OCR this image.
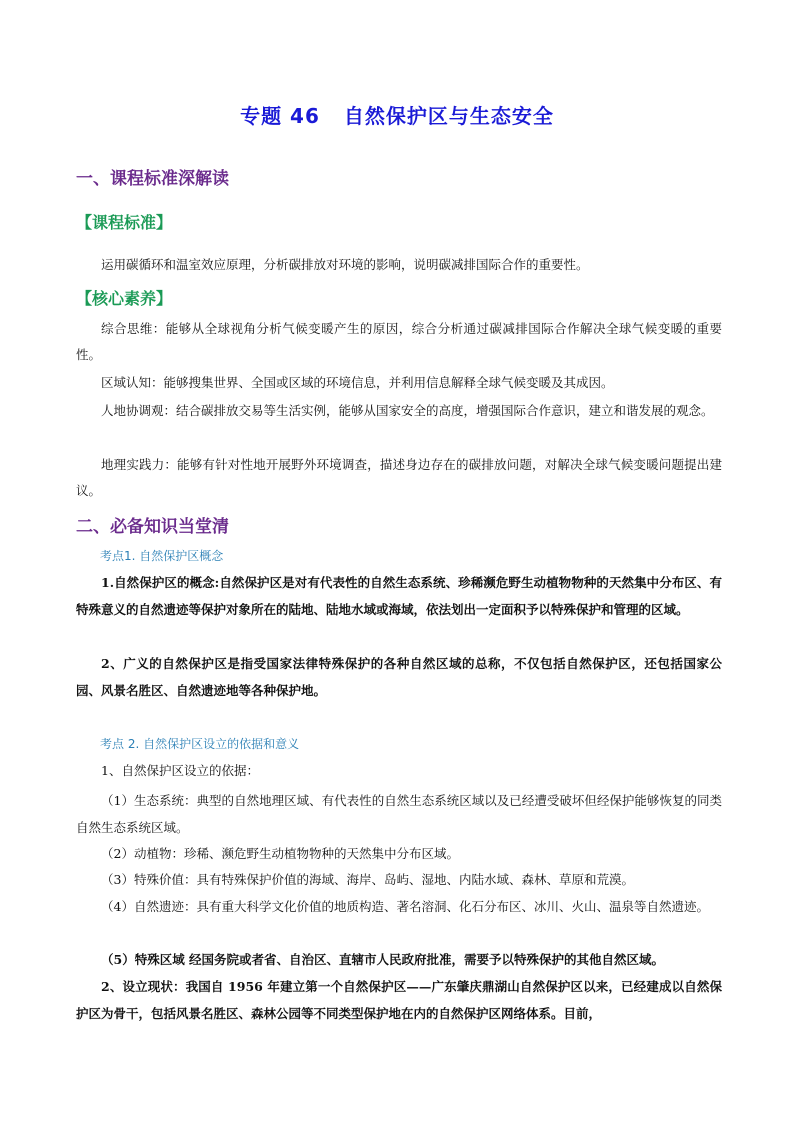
专题 46 自然保护区与生态安全
一、课程标准深解读
【课程标准】
运用碳循环和温室效应原理，分析碳排放对环境的影响，说明碳减排国际合作的重要性。
【核心素养】
综合思维：能够从全球视角分析气候变暖产生的原因，综合分析通过碳减排国际合作解决全球气候变暖的重要性。
区域认知：能够搜集世界、全国或区域的环境信息，并利用信息解释全球气候变暖及其成因。
人地协调观：结合碳排放交易等生活实例，能够从国家安全的高度，增强国际合作意识，建立和谐发展的观念。
地理实践力：能够有针对性地开展野外环境调查，描述身边存在的碳排放问题，对解决全球气候变暖问题提出建议。
二、必备知识当堂清
考点1. 自然保护区概念
1.自然保护区的概念:自然保护区是对有代表性的自然生态系统、珍稀濒危野生动植物物种的天然集中分布区、有特殊意义的自然遗迹等保护对象所在的陆地、陆地水域或海域，依法划出一定面积予以特殊保护和管理的区域。
2、广义的自然保护区是指受国家法律特殊保护的各种自然区域的总称，不仅包括自然保护区，还包括国家公园、风景名胜区、自然遗迹地等各种保护地。
考点 2. 自然保护区设立的依据和意义
1、自然保护区设立的依据：
（1）生态系统：典型的自然地理区域、有代表性的自然生态系统区域以及已经遭受破坏但经保护能够恢复的同类自然生态系统区域。
（2）动植物：珍稀、濒危野生动植物物种的天然集中分布区域。
（3）特殊价值：具有特殊保护价值的海域、海岸、岛屿、湿地、内陆水域、森林、草原和荒漠。
（4）自然遗迹：具有重大科学文化价值的地质构造、著名溶洞、化石分布区、冰川、火山、温泉等自然遗迹。
（5）特殊区域 经国务院或者省、自治区、直辖市人民政府批准，需要予以特殊保护的其他自然区域。
2、设立现状：我国自 1956 年建立第一个自然保护区——广东肇庆鼎湖山自然保护区以来，已经建成以自然保护区为骨干，包括风景名胜区、森林公园等不同类型保护地在内的自然保护区网络体系。目前，
